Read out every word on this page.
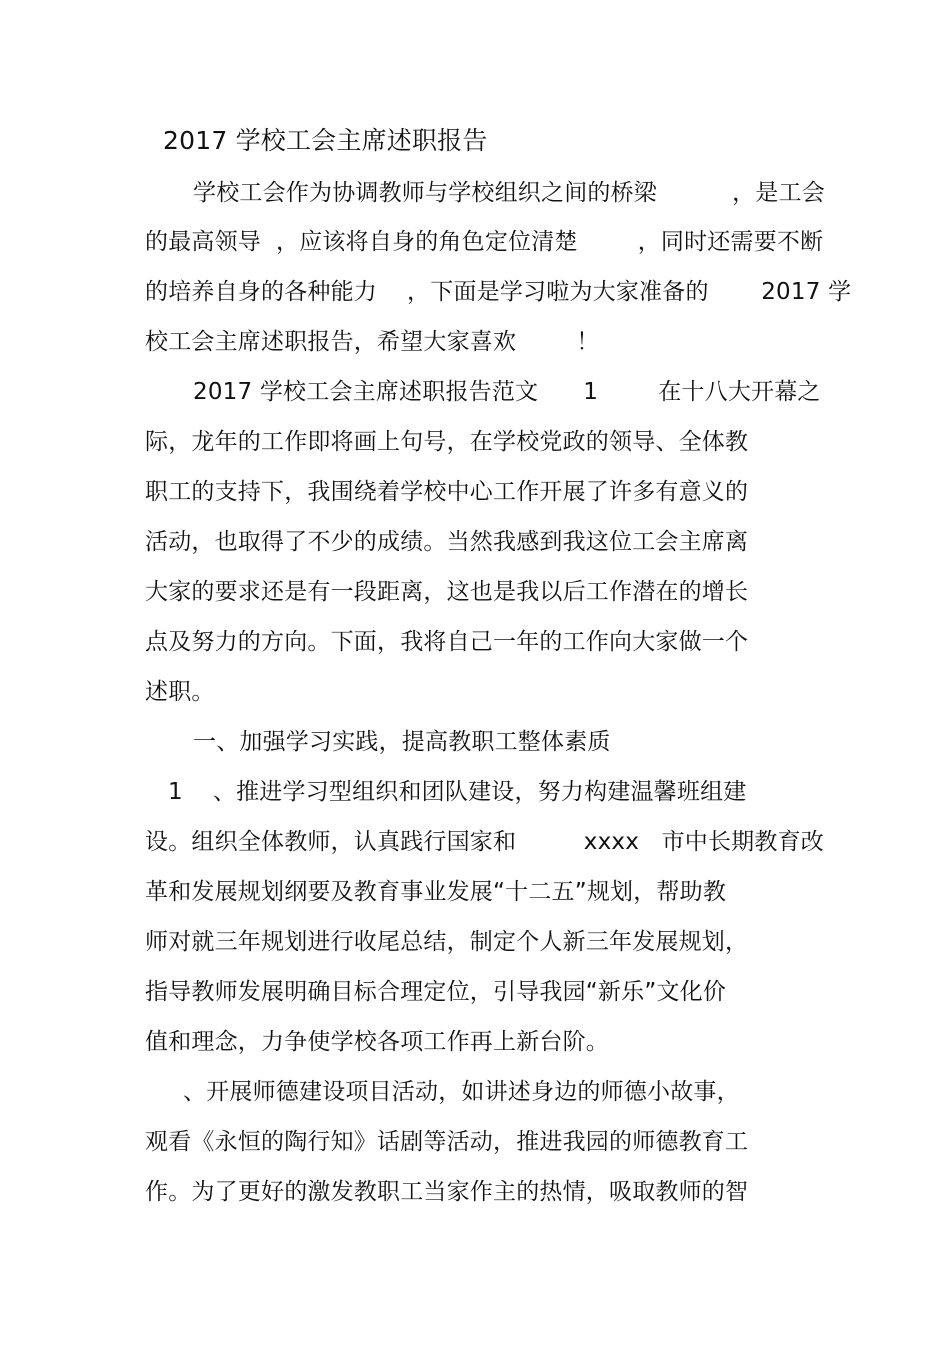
2017 学校工会主席述职报告
学校工会作为协调教师与学校组织之间的桥梁          ，是工会
的最高领导  ，应该将自身的角色定位清楚        ，同时还需要不断
的培养自身的各种能力    ，下面是学习啦为大家准备的       2017 学
校工会主席述职报告，希望大家喜欢        ！
2017 学校工会主席述职报告范文      1        在十八大开幕之
际，龙年的工作即将画上句号，在学校党政的领导、全体教
职工的支持下，我围绕着学校中心工作开展了许多有意义的
活动，也取得了不少的成绩。当然我感到我这位工会主席离
大家的要求还是有一段距离，这也是我以后工作潜在的增长
点及努力的方向。下面，我将自己一年的工作向大家做一个
述职。
一、加强学习实践，提高教职工整体素质
1    、推进学习型组织和团队建设，努力构建温馨班组建
设。组织全体教师，认真践行国家和         xxxx   市中长期教育改
革和发展规划纲要及教育事业发展“十二五”规划，帮助教
师对就三年规划进行收尾总结，制定个人新三年发展规划，
指导教师发展明确目标合理定位，引导我园“新乐”文化价
值和理念，力争使学校各项工作再上新台阶。
、开展师德建设项目活动，如讲述身边的师德小故事，
观看《永恒的陶行知》话剧等活动，推进我园的师德教育工
作。为了更好的激发教职工当家作主的热情，吸取教师的智
